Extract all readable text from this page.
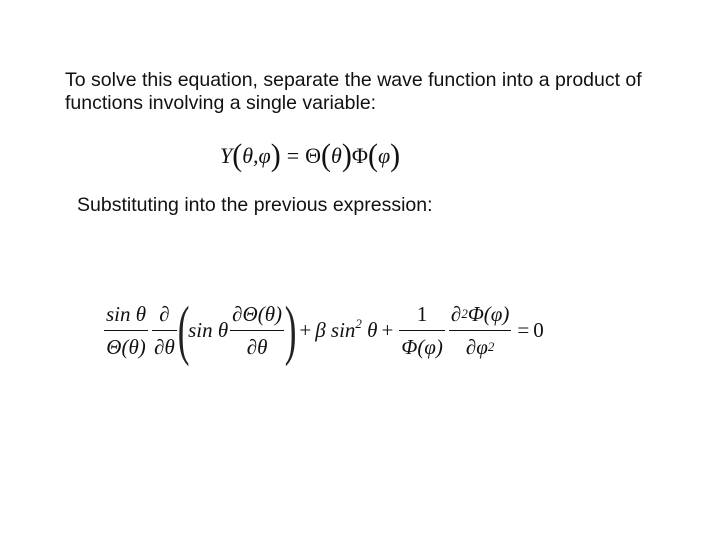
To solve this equation, separate the wave function into a product of
functions involving a single variable:

Y ( θ,φ ) = Θ ( θ ) Φ ( φ )

Substituting into the previous expression:

$\frac{\text{sin θ}}{\Theta(\theta)} \frac{\partial}{\partial\theta}$ (
sin θ $\frac{\partial\Theta(\theta)}{\partial\theta}$ ) + β $\sin^2 \theta + \frac{1}{\Phi(\varphi)} \frac{\partial 2 \Phi(\varphi)}{\partial\varphi 2} = 0$
